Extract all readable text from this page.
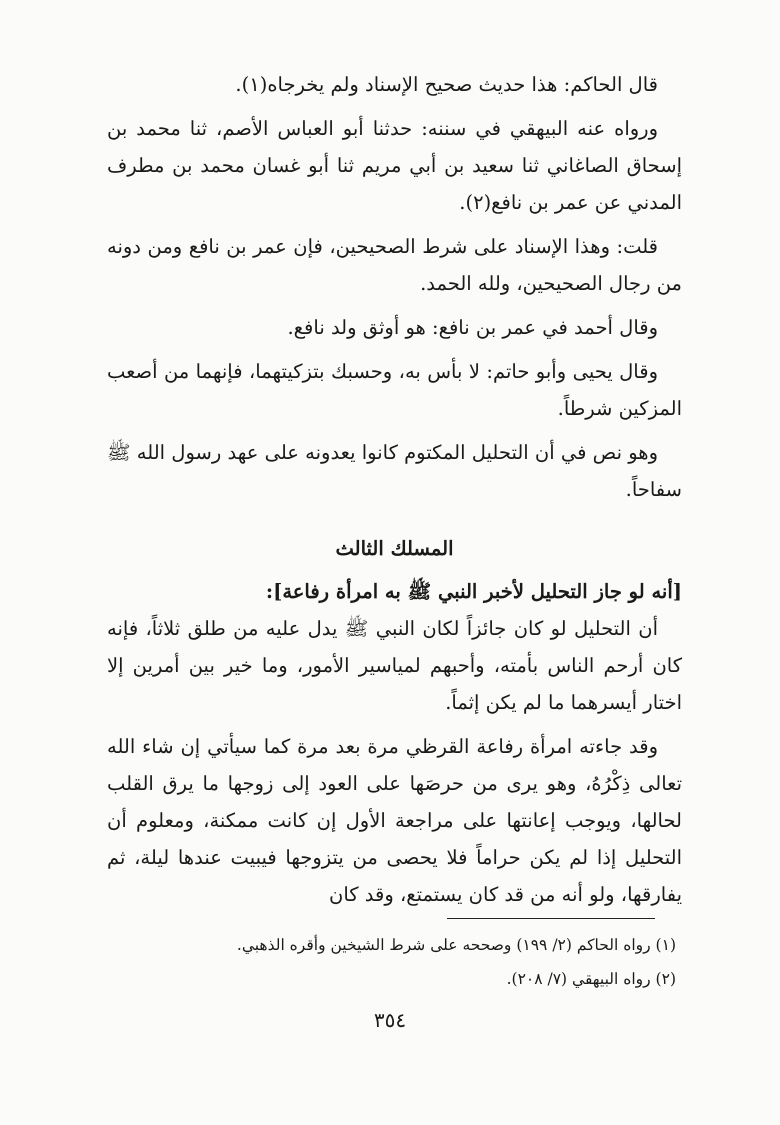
قال الحاكم: هذا حديث صحيح الإسناد ولم يخرجاه(١).

ورواه عنه البيهقي في سننه: حدثنا أبو العباس الأصم، ثنا محمد بن إسحاق الصاغاني ثنا سعيد بن أبي مريم ثنا أبو غسان محمد بن مطرف المدني عن عمر بن نافع(٢).

قلت: وهذا الإسناد على شرط الصحيحين، فإن عمر بن نافع ومن دونه من رجال الصحيحين، ولله الحمد.

وقال أحمد في عمر بن نافع: هو أوثق ولد نافع.

وقال يحيى وأبو حاتم: لا بأس به، وحسبك بتزكيتهما، فإنهما من أصعب المزكين شرطاً.

وهو نص في أن التحليل المكتوم كانوا يعدونه على عهد رسول الله ﷺ سفاحاً.

المسلك الثالث

[أنه لو جاز التحليل لأخبر النبي ﷺ به امرأة رفاعة]:

أن التحليل لو كان جائزاً لكان النبي ﷺ يدل عليه من طلق ثلاثاً، فإنه كان أرحم الناس بأمته، وأحبهم لمياسير الأمور، وما خير بين أمرين إلا اختار أيسرهما ما لم يكن إثماً.

وقد جاءته امرأة رفاعة القرظي مرة بعد مرة كما سيأتي إن شاء الله تعالى ذِكْرُهُ، وهو يرى من حرصَها على العود إلى زوجها ما يرق القلب لحالها، ويوجب إعانتها على مراجعة الأول إن كانت ممكنة، ومعلوم أن التحليل إذا لم يكن حراماً فلا يحصى من يتزوجها فيبيت عندها ليلة، ثم يفارقها، ولو أنه من قد كان يستمتع، وقد كان

(١) رواه الحاكم (٢/ ١٩٩) وصححه على شرط الشيخين وأقره الذهبي.
(٢) رواه البيهقي (٧/ ٢٠٨).
٣٥٤
